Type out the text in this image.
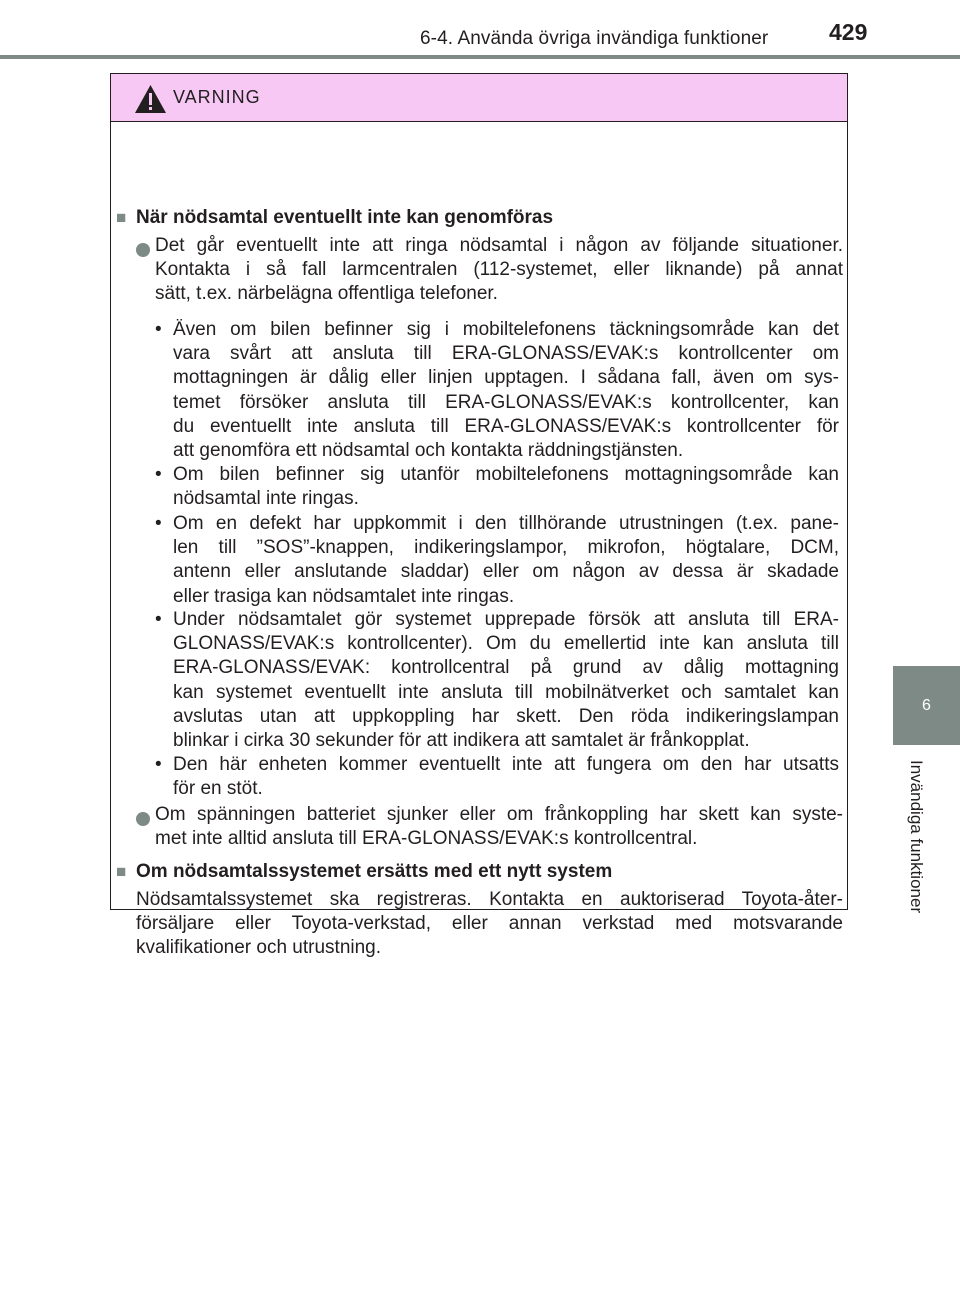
6-4. Använda övriga invändiga funktioner	429
6
Invändiga funktioner
VARNING
■ När nödsamtal eventuellt inte kan genomföras
Det går eventuellt inte att ringa nödsamtal i någon av följande situationer.
Kontakta i så fall larmcentralen (112-systemet, eller liknande) på annat
sätt, t.ex. närbelägna offentliga telefoner.
• Även om bilen befinner sig i mobiltelefonens täckningsområde kan det
vara svårt att ansluta till ERA-GLONASS/EVAK:s kontrollcenter om
mottagningen är dålig eller linjen upptagen. I sådana fall, även om sys-
temet försöker ansluta till ERA-GLONASS/EVAK:s kontrollcenter, kan
du eventuellt inte ansluta till ERA-GLONASS/EVAK:s kontrollcenter för
att genomföra ett nödsamtal och kontakta räddningstjänsten.
• Om bilen befinner sig utanför mobiltelefonens mottagningsområde kan
nödsamtal inte ringas.
• Om en defekt har uppkommit i den tillhörande utrustningen (t.ex. pane-
len till ”SOS”-knappen, indikeringslampor, mikrofon, högtalare, DCM,
antenn eller anslutande sladdar) eller om någon av dessa är skadade
eller trasiga kan nödsamtalet inte ringas.
• Under nödsamtalet gör systemet upprepade försök att ansluta till ERA-
GLONASS/EVAK:s kontrollcenter). Om du emellertid inte kan ansluta till
ERA-GLONASS/EVAK: kontrollcentral på grund av dålig mottagning
kan systemet eventuellt inte ansluta till mobilnätverket och samtalet kan
avslutas utan att uppkoppling har skett. Den röda indikeringslampan
blinkar i cirka 30 sekunder för att indikera att samtalet är frånkopplat.
• Den här enheten kommer eventuellt inte att fungera om den har utsatts
för en stöt.
Om spänningen batteriet sjunker eller om frånkoppling har skett kan syste-
met inte alltid ansluta till ERA-GLONASS/EVAK:s kontrollcentral.
■ Om nödsamtalssystemet ersätts med ett nytt system
Nödsamtalssystemet ska registreras. Kontakta en auktoriserad Toyota-åter-
försäljare eller Toyota-verkstad, eller annan verkstad med motsvarande
kvalifikationer och utrustning.
